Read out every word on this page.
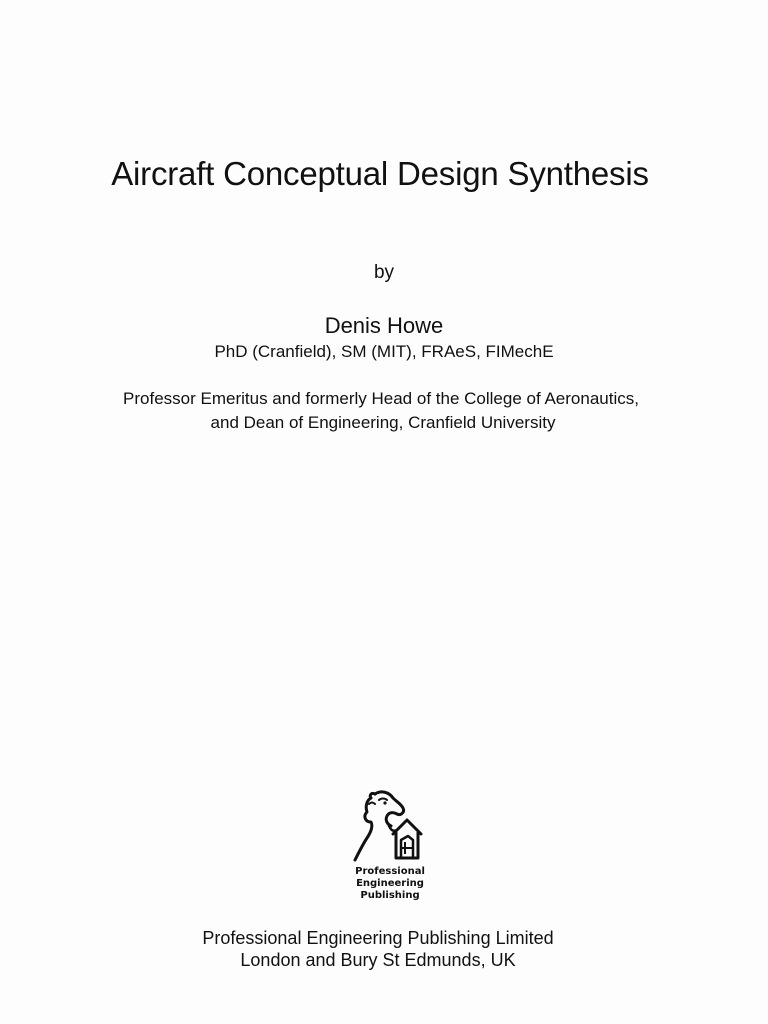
Aircraft Conceptual Design Synthesis
by
Denis Howe
PhD (Cranfield), SM (MIT), FRAeS, FIMechE
Professor Emeritus and formerly Head of the College of Aeronautics,
and Dean of Engineering, Cranfield University
Professional
Engineering
Publishing
Professional Engineering Publishing Limited
London and Bury St Edmunds, UK
